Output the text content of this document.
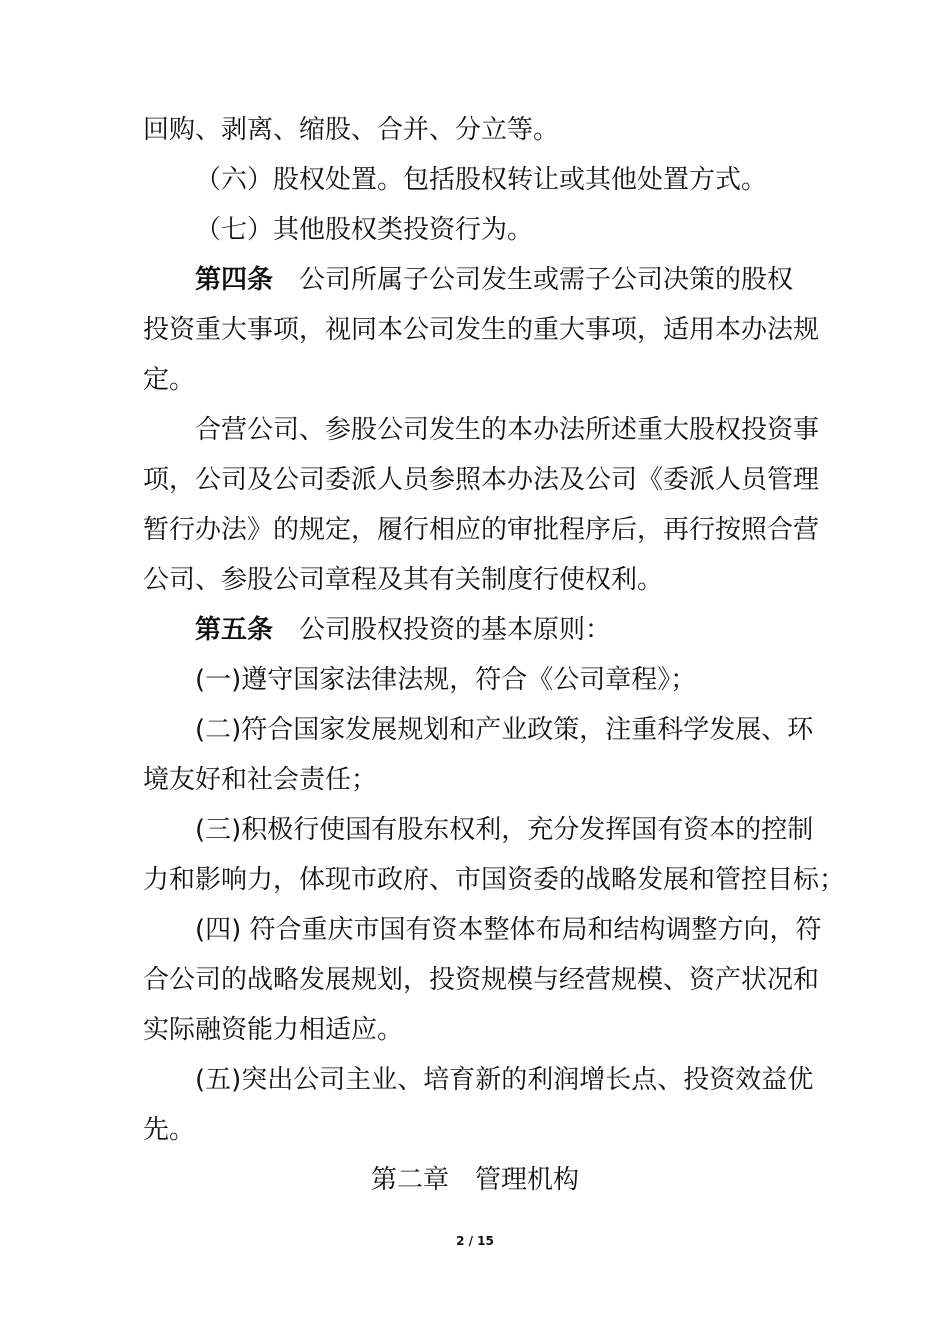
回购、剥离、缩股、合并、分立等。
（六）股权处置。包括股权转让或其他处置方式。
（七）其他股权类投资行为。
第四条　公司所属子公司发生或需子公司决策的股权
投资重大事项，视同本公司发生的重大事项，适用本办法规
定。
合营公司、参股公司发生的本办法所述重大股权投资事
项，公司及公司委派人员参照本办法及公司《委派人员管理
暂行办法》的规定，履行相应的审批程序后，再行按照合营
公司、参股公司章程及其有关制度行使权利。
第五条　公司股权投资的基本原则：
(一)遵守国家法律法规，符合《公司章程》；
(二)符合国家发展规划和产业政策，注重科学发展、环
境友好和社会责任；
(三)积极行使国有股东权利，充分发挥国有资本的控制
力和影响力，体现市政府、市国资委的战略发展和管控目标；
(四) 符合重庆市国有资本整体布局和结构调整方向，符
合公司的战略发展规划，投资规模与经营规模、资产状况和
实际融资能力相适应。
(五)突出公司主业、培育新的利润增长点、投资效益优
先。
第二章　管理机构
2 / 15
